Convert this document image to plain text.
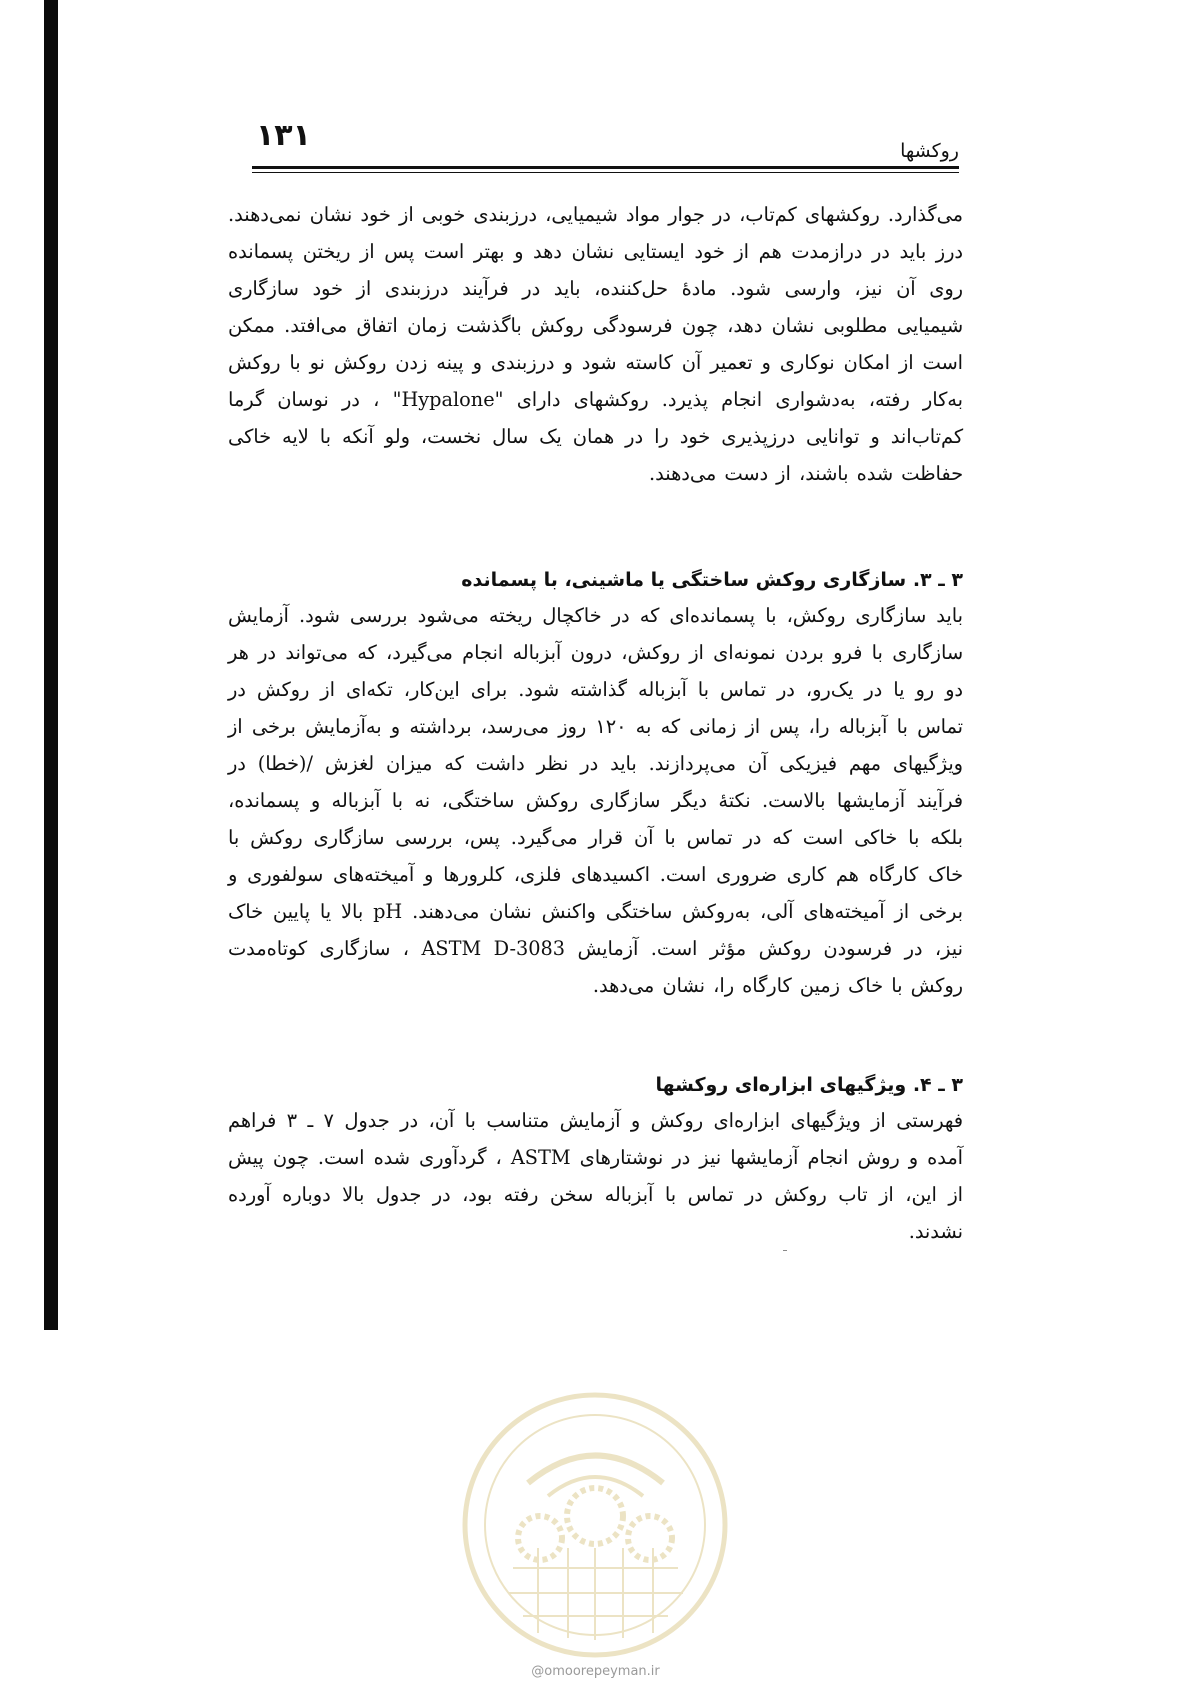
۱۳۱	روکشها

می‌گذارد. روکشهای کم‌تاب، در جوار مواد شیمیایی، درزبندی خوبی از خود نشان نمی‌دهند. درز باید در درازمدت هم از خود ایستایی نشان دهد و بهتر است پس از ریختن پسمانده روی آن نیز، وارسی شود. مادهٔ حل‌کننده، باید در فرآیند درزبندی از خود سازگاری شیمیایی مطلوبی نشان دهد، چون فرسودگی روکش باگذشت زمان اتفاق می‌افتد. ممکن است از امکان نوکاری و تعمیر آن کاسته شود و درزبندی و پینه زدن روکش نو با روکش به‌کار رفته، به‌دشواری انجام پذیرد. روکشهای دارای "Hypalone" ، در نوسان گرما کم‌تاب‌اند و توانایی درزپذیری خود را در همان یک سال نخست، ولو آنکه با لایه خاکی حفاظت شده باشند، از دست می‌دهند.

۳ ـ ۳. سازگاری روکش ساختگی یا ماشینی، با پسمانده

باید سازگاری روکش، با پسمانده‌ای که در خاکچال ریخته می‌شود بررسی شود. آزمایش سازگاری با فرو بردن نمونه‌ای از روکش، درون آبزباله انجام می‌گیرد، که می‌تواند در هر دو رو یا در یک‌رو، در تماس با آبزباله گذاشته شود. برای این‌کار، تکه‌ای از روکش در تماس با آبزباله را، پس از زمانی که به ۱۲۰ روز می‌رسد، برداشته و به‌آزمایش برخی از ویژگیهای مهم فیزیکی آن می‌پردازند. باید در نظر داشت که میزان لغزش /(خطا) در فرآیند آزمایشها بالاست. نکتهٔ دیگر سازگاری روکش ساختگی، نه با آبزباله و پسمانده، بلکه با خاکی است که در تماس با آن قرار می‌گیرد. پس، بررسی سازگاری روکش با خاک کارگاه هم کاری ضروری است. اکسیدهای فلزی، کلرورها و آمیخته‌های سولفوری و برخی از آمیخته‌های آلی، به‌روکش ساختگی واکنش نشان می‌دهند. pH بالا یا پایین خاک نیز، در فرسودن روکش مؤثر است. آزمایش ASTM D-3083 ، سازگاری کوتاه‌مدت روکش با خاک زمین کارگاه را، نشان می‌دهد.

۳ ـ ۴. ویژگیهای ابزاره‌ای روکشها

فهرستی از ویژگیهای ابزاره‌ای روکش و آزمایش متناسب با آن، در جدول ۷ ـ ۳ فراهم آمده و روش انجام آزمایشها نیز در نوشتارهای ASTM ، گردآوری شده است. چون پیش از این، از تاب روکش در تماس با آبزباله سخن رفته بود، در جدول بالا دوباره آورده نشدند.

@omoorepeyman.ir
